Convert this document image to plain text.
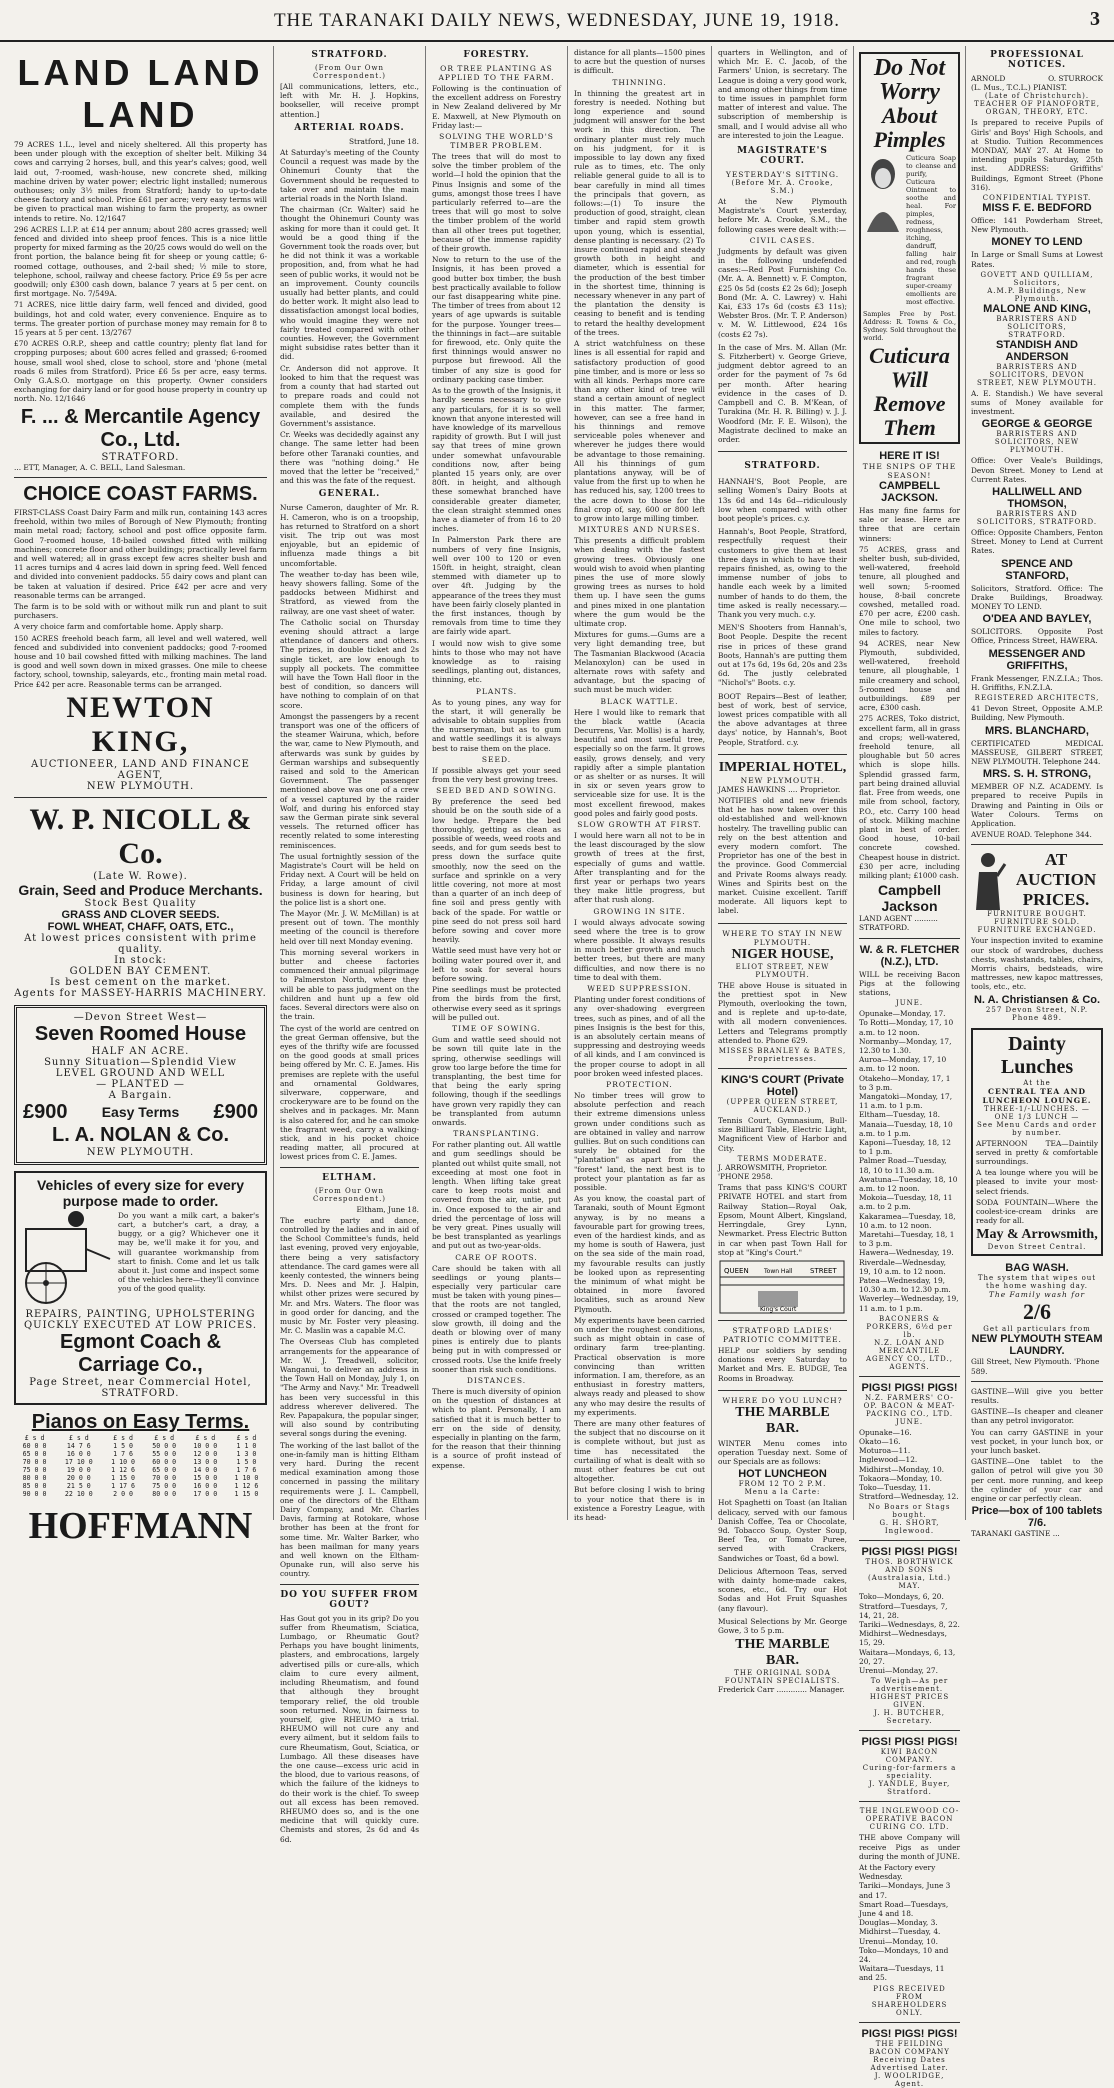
THE TARANAKI DAILY NEWS, WEDNESDAY, JUNE 19, 1918.	3
LAND LAND LAND

79 ACRES 1.L., level and nicely sheltered. All this property has been under plough with the exception of shelter belt. Milking 34 cows and carrying 2 horses, bull, and this year's calves; good, well laid out, 7-roomed, wash-house, new concrete shed, milking machine driven by water power; electric light installed; numerous outhouses; only 3½ miles from Stratford; handy to up-to-date cheese factory and school. Price £61 per acre; very easy terms will be given to practical man wishing to farm the property, as owner intends to retire. No. 12/1647

296 ACRES L.I.P. at £14 per annum; about 280 acres grassed; well fenced and divided into sheep proof fences. This is a nice little property for mixed farming as the 20/25 cows would do well on the front portion, the balance being fit for sheep or young cattle; 6-roomed cottage, outhouses, and 2-bail shed; ½ mile to store, telephone, school, railway and cheese factory. Price £9 5s per acre goodwill; only £300 cash down, balance 7 years at 5 per cent. on first mortgage. No. 7/549A.

71 ACRES, nice little dairy farm, well fenced and divided, good buildings, hot and cold water, every convenience. Enquire as to terms. The greater portion of purchase money may remain for 8 to 15 years at 5 per cent. 13/2767

£70 ACRES O.R.P., sheep and cattle country; plenty flat land for cropping purposes; about 600 acres felled and grassed; 6-roomed house, small wool shed, close to school, store and 'phone (metal roads 6 miles from Stratford). Price £6 5s per acre, easy terms. Only G.A.S.O. mortgage on this property. Owner considers exchanging for dairy land or for good house property in country up north. No. 12/1646

F. ... & Mercantile Agency Co., Ltd.
STRATFORD.
... ETT, Manager, A. C. BELL, Land Salesman.
CHOICE COAST FARMS.

FIRST-CLASS Coast Dairy Farm and milk run, containing 143 acres freehold, within two miles of Borough of New Plymouth; fronting main metal road; factory, school and post office opposite farm. Good 7-roomed house, 18-bailed cowshed fitted with milking machines; concrete floor and other buildings; practically level farm and well watered; all in grass except few acres shelter bush and 11 acres turnips and 4 acres laid down in spring feed. Well fenced and divided into convenient paddocks. 55 dairy cows and plant can be taken at valuation if desired. Price £42 per acre and very reasonable terms can be arranged.

The farm is to be sold with or without milk run and plant to suit purchasers.

A very choice farm and comfortable home. Apply sharp.

150 ACRES freehold beach farm, all level and well watered, well fenced and subdivided into convenient paddocks; good 7-roomed house and 10 bail cowshed fitted with milking machines. The land is good and well sown down in mixed grasses. One mile to cheese factory, school, township, saleyards, etc., fronting main metal road. Price £42 per acre. Reasonable terms can be arranged.

NEWTON KING,
AUCTIONEER, LAND AND FINANCE AGENT,
NEW PLYMOUTH.
W. P. NICOLL & Co.
(Late W. Rowe).
Grain, Seed and Produce Merchants.
Stock Best Quality
GRASS AND CLOVER SEEDS.
FOWL WHEAT, CHAFF, OATS, ETC.,
At lowest prices consistent with prime quality.
In stock:
GOLDEN BAY CEMENT.
Is best cement on the market.
Agents for MASSEY-HARRIS MACHINERY.
—Devon Street West—
Seven Roomed House
HALF AN ACRE.
Sunny Situation—Splendid View
LEVEL GROUND AND WELL
— PLANTED —
A Bargain.
£900 Easy Terms £900
L. A. NOLAN & Co.
NEW PLYMOUTH.
Vehicles of every size for every
purpose made to order.

Do you want a milk cart, a baker's cart, a butcher's cart, a dray, a buggy, or a gig? Whichever one it may be, we'll make it for you, and will guarantee workmanship from start to finish. Come and let us talk about it. Just come and inspect some of the vehicles here—they'll convince you of the good quality.

REPAIRS, PAINTING, UPHOLSTERING QUICKLY EXECUTED AT LOW PRICES.
Egmont Coach & Carriage Co.,
Page Street, near Commercial Hotel, STRATFORD.
Pianos on Easy Terms.
£ s d	£ s d	£ s d	£ s d	£ s d	£ s d
60 0 0	14 7 6	1 5 0	50 0 0	10 0 0	1 1 0
65 0 0	16 0 0	1 7 6	55 0 0	12 0 0	1 3 0
70 0 0	17 10 0	1 10 0	60 0 0	13 0 0	1 5 0
75 0 0	19 0 0	1 12 6	65 0 0	14 0 0	1 7 6
80 0 0	20 0 0	1 15 0	70 0 0	15 0 0	1 10 0
85 0 0	21 5 0	1 17 6	75 0 0	16 0 0	1 12 6
90 0 0	22 10 0	2 0 0	80 0 0	17 0 0	1 15 0
HOFFMANN
STRATFORD.
(From Our Own Correspondent.)

[All communications, letters, etc., left with Mr. H. J. Hopkins, bookseller, will receive prompt attention.]

ARTERIAL ROADS.

Stratford, June 18.

At Saturday's meeting of the County Council a request was made by the Ohinemuri County that the Government should be requested to take over and maintain the main arterial roads in the North Island.

The chairman (Cr. Walter) said he thought the Ohinemuri County was asking for more than it could get. It would be a good thing if the Government took the roads over, but he did not think it was a workable proposition, and, from what he had seen of public works, it would not be an improvement. County councils usually had better plants, and could do better work. It might also lead to dissatisfaction amongst local bodies, who would imagine they were not fairly treated compared with other counties. However, the Government might subsidise rates better than it did.

Cr. Anderson did not approve. It looked to him that the request was from a county that had started out to prepare roads and could not complete them with the funds available, and desired the Government's assistance.

Cr. Weeks was decidedly against any change. The same letter had been before other Taranaki counties, and there was "nothing doing." He moved that the letter be "received," and this was the fate of the request.

GENERAL.

Nurse Cameron, daughter of Mr. R. H. Cameron, who is on a troopship, has returned to Stratford on a short visit. The trip out was most enjoyable, but an epidemic of influenza made things a bit uncomfortable.

The weather to-day has been wile, heavy showers falling. Some of the paddocks between Midhirst and Stratford, as viewed from the railway, are one vast sheet of water.

The Catholic social on Thursday evening should attract a large attendance of dancers and others. The prizes, in double ticket and 2s single ticket, are low enough to supply all pockets. The committee will have the Town Hall floor in the best of condition, so dancers will have nothing to complain of on that score.

Amongst the passengers by a recent transport was one of the officers of the steamer Wairuna, which, before the war, came to New Plymouth, and afterwards was sunk by guides by German warships and subsequently raised and sold to the American Government. The passenger mentioned above was one of a crew of a vessel captured by the raider Wolf, and during his enforced stay saw the German pirate sink several vessels. The returned officer has recently related to some interesting reminiscences.

The usual fortnightly session of the Magistrate's Court will be held on Friday next. A Court will be held on Friday, a large amount of civil business is down for hearing, but the police list is a short one.

The Mayor (Mr. J. W. McMillan) is at present out of town. The monthly meeting of the council is therefore held over till next Monday evening.

This morning several workers in butter and cheese factories commenced their annual pilgrimage to Palmerston North, where they will be able to pass judgment on the children and hunt up a few old faces. Several directors were also on the train.

The cyst of the world are centred on the great German offensive, but the eyes of the thrifty wife are focussed on the good goods at small prices being offered by Mr. C. E. James. His premises are replete with the useful and ornamental Goldwares, silverware, copperware, and crockeryware are to be found on the shelves and in packages. Mr. Mann is also catered for, and he can smoke the fragrant weed, carry a walking-stick, and in his pocket choice reading matter, all procured at lowest prices from C. E. James.

ELTHAM.
(From Our Own Correspondent.)

Eltham, June 18.

The euchre party and dance, controlled by the ladies and in aid of the School Committee's funds, held last evening, proved very enjoyable, there being a very satisfactory attendance. The card games were all keenly contested, the winners being Mrs. D. Nees and Mr. J. Halpin, whilst other prizes were secured by Mr. and Mrs. Waters. The floor was in good order for dancing, and the music by Mr. Foster very pleasing. Mr. C. Maslin was a capable M.C.

The Overseas Club has completed arrangements for the appearance of Mr. W. J. Treadwell, solicitor, Wanganui, to deliver an address in the Town Hall on Monday, July 1, on "The Army and Navy." Mr. Treadwell has been very successful in this address wherever delivered. The Rev. Papapakura, the popular singer, will also sound by contributing several songs during the evening.

The working of the last ballot of the one-in-family man is hitting Eltham very hard. During the recent medical examination among those concerned in passing the military requirements were J. L. Campbell, one of the directors of the Eltham Dairy Company, and Mr. Charles Davis, farming at Rotokare, whose brother has been at the front for some time. Mr. Walter Barker, who has been mailman for many years and well known on the Eltham-Opunake run, will also serve his country.

DO YOU SUFFER FROM GOUT?

Has Gout got you in its grip? Do you suffer from Rheumatism, Sciatica, Lumbago, or Rheumatic Gout? Perhaps you have bought liniments, plasters, and embrocations, largely advertised pills or cure-alls, which claim to cure every ailment, including Rheumatism, and found that although they brought temporary relief, the old trouble soon returned. Now, in fairness to yourself, give RHEUMO a trial. RHEUMO will not cure any and every ailment, but it seldom fails to cure Rheumatism, Gout, Sciatica, or Lumbago. All these diseases have the one cause—excess uric acid in the blood, due to various reasons, of which the failure of the kidneys to do their work is the chief. To sweep out all excess has been removed. RHEUMO does so, and is the one medicine that will quickly cure. Chemists and stores, 2s 6d and 4s 6d.

FORESTRY.
OR TREE PLANTING AS APPLIED TO THE FARM.

Following is the continuation of the excellent address on Forestry in New Zealand delivered by Mr E. Maxwell, at New Plymouth on Friday last:—

SOLVING THE WORLD'S TIMBER PROBLEM.

The trees that will do most to solve the timber problem of the world—I hold the opinion that the Pinus Insignis and some of the gums, amongst those trees I have particularly referred to—are the trees that will go most to solve the timber problem of the world than all other trees put together, because of the immense rapidity of their growth.

Now to return to the use of the Insignis, it has been proved a good butter box timber, the bush best practically available to follow our fast disappearing white pine. The timber of trees from about 12 years of age upwards is suitable for the purpose. Younger trees—the thinnings in fact—are suitable for firewood, etc. Only quite the first thinnings would answer no purpose but firewood. All the timber of any size is good for ordinary packing case timber.

As to the growth of the Insignis, it hardly seems necessary to give any particulars, for it is so well known that anyone interested will have knowledge of its marvellous rapidity of growth. But I will just say that trees of mine grown under somewhat unfavourable conditions now, after being planted 15 years only, are over 80ft. in height, and although these somewhat branched have considerable greater diameter, the clean straight stemmed ones have a diameter of from 16 to 20 inches.

In Palmerston Park there are numbers of very fine Insignis, well over 100 to 120 or even 150ft. in height, straight, clean stemmed with diameter up to over 4ft. Judging by the appearance of the trees they must have been fairly closely planted in the first instances, though by removals from time to time they are fairly wide apart.

I would now wish to give some hints to those who may not have knowledge as to raising seedlings, planting out, distances, thinning, etc.

PLANTS.

As to young pines, any way for the start, it will generally be advisable to obtain supplies from the nurseryman, but as to gum and wattle seedlings it is always best to raise them on the place.

SEED.

If possible always get your seed from the very best growing trees.

SEED BED AND SOWING.

By preference the seed bed should be on the south side of a low hedge. Prepare the bed thoroughly, getting as clean as possible of weeds, weed roots and seeds, and for gum seeds best to press down the surface quite smoothly, now the seed on the surface and sprinkle on a very little covering, not more at most than a quarter of an inch deep of fine soil and press gently with back of the spade. For wattle or pine seed do not press soil hard before sowing and cover more heavily.

Wattle seed must have very hot or boiling water poured over it, and left to soak for several hours before sowing.

Pine seedlings must be protected from the birds from the first, otherwise every seed as it springs will be pulled out.

TIME OF SOWING.

Gum and wattle seed should not be sown till quite late in the spring, otherwise seedlings will grow too large before the time for transplanting, the best time for that being the early spring following, though if the seedlings have grown very rapidly they can be transplanted from autumn onwards.

TRANSPLANTING.

For rather planting out. All wattle and gum seedlings should be planted out whilst quite small, not exceeding at most one foot in length. When lifting take great care to keep roots moist and covered from the air, untie, put in. Once exposed to the air and dried the percentage of loss will be very great. Pines usually will be best transplanted as yearlings and put out as two-year-olds.

CARE OF ROOTS.

Care should be taken with all seedlings or young plants—especially very particular care must be taken with young pines—that the roots are not tangled, crossed or cramped together. The slow growth, ill doing and the death or blowing over of many pines is entirely due to plants being put in with compressed or crossed roots. Use the knife freely sooner than risk such conditions.

DISTANCES.

There is much diversity of opinion on the question of distances at which to plant. Personally, I am satisfied that it is much better to err on the side of density, especially in planting on the farm, for the reason that their thinning is a source of profit instead of expense.

distance for all plants—1500 pines to acre but the question of nurses is difficult.

THINNING.

In thinning the greatest art in forestry is needed. Nothing but long experience and sound judgment will answer for the best work in this direction. The ordinary planter must rely much on his judgment, for it is impossible to lay down any fixed rule as to times, etc. The only reliable general guide to all is to bear carefully in mind all times the principals that govern, as follows:—(1) To insure the production of good, straight, clean timber and rapid stem growth upon young, which is essential, dense planting is necessary. (2) To insure continued rapid and steady growth both in height and diameter, which is essential for the production of the best timber in the shortest time, thinning is necessary whenever in any part of the plantation the density is ceasing to benefit and is tending to retard the healthy development of the trees.

A strict watchfulness on these lines is all essential for rapid and satisfactory production of good pine timber, and is more or less so with all kinds. Perhaps more care than any other kind of tree will stand a certain amount of neglect in this matter. The farmer, however, can see a free hand in his thinnings and remove serviceable poles whenever and wherever he judges there would be advantage to those remaining. All his thinnings of gum plantations anyway, will be of value from the first up to when he has reduced his, say, 1200 trees to the acre down to those for the final crop of, say, 600 or 800 left to grow into large milling timber.

MIXTURES AND NURSES.

This presents a difficult problem when dealing with the fastest growing trees. Obviously one would wish to avoid when planting pines the use of more slowly growing trees as nurses to hold them up. I have seen the gums and pines mixed in one plantation where the gum would be the ultimate crop.

Mixtures for gums.—Gums are a very light demanding tree, but The Tasmanian Blackwood (Acacia Melanoxylon) can be used in alternate rows with safety and advantage, but the spacing of such must be much wider.

BLACK WATTLE.

Here I would like to remark that the black wattle (Acacia Decurrens, Var. Mollis) is a hardy, beautiful and most useful tree, especially so on the farm. It grows easily, grows densely, and very rapidly after a simple plantation or as shelter or as nurses. It will in six or seven years grow to serviceable size for use. It is the most excellent firewood, makes good poles and fairly good posts.

SLOW GROWTH AT FIRST.

I would here warn all not to be in the least discouraged by the slow growth of trees at the first, especially of gums and wattle. After transplanting and for the first year or perhaps two years they make little progress, but after that rush along.

GROWING IN SITE.

I would always advocate sowing seed where the tree is to grow where possible. It always results in much better growth and much better trees, but there are many difficulties, and now there is no time to deal with them.

WEED SUPPRESSION.

Planting under forest conditions of any over-shadowing evergreen trees, such as pines, and of all the pines Insignis is the best for this, is an absolutely certain means of suppressing and destroying weeds of all kinds, and I am convinced is the proper course to adopt in all poor broken weed infested places.

PROTECTION.

No timber trees will grow to absolute perfection and reach their extreme dimensions unless grown under conditions such as are obtained in valley and narrow gullies. But on such conditions can surely be obtained for the "plantation" as apart from the "forest" land, the next best is to protect your plantation as far as possible.

As you know, the coastal part of Taranaki, south of Mount Egmont anyway, is by no means a favourable part for growing trees, even of the hardiest kinds, and as my home is south of Hawera, just on the sea side of the main road, my favourable results can justly be looked upon as representing the minimum of what might be obtained in more favored localities, such as around New Plymouth.

My experiments have been carried on under the roughest conditions, such as might obtain in case of ordinary farm tree-planting. Practical observation is more convincing than written information. I am, therefore, as an enthusiast in forestry matters, always ready and pleased to show any who may desire the results of my experiments.

There are many other features of the subject that no discourse on it is complete without, but just as time has necessitated the curtailing of what is dealt with so must other features be cut out altogether.

But before closing I wish to bring to your notice that there is in existence a Forestry League, with its head-

quarters in Wellington, and of which Mr. E. C. Jacob, of the Farmers' Union, is secretary. The League is doing a very good work, and among other things from time to time issues in pamphlet form matter of interest and value. The subscription of membership is small, and I would advise all who are interested to join the League.

MAGISTRATE'S COURT.
YESTERDAY'S SITTING.
(Before Mr. A. Crooke, S.M.)

At the New Plymouth Magistrate's Court yesterday, before Mr. A. Crooke, S.M., the following cases were dealt with:—

CIVIL CASES.

Judgments by default was given in the following undefended cases:—Red Post Furnishing Co. (Mr. A. A. Bennett) v. F. Compton, £25 0s 5d (costs £2 2s 6d); Joseph Bond (Mr. A. C. Lawrey) v. Hahi Kai, £33 17s 6d (costs £3 11s); Webster Bros. (Mr. T. P. Anderson) v. M. W. Littlewood, £24 16s (costs £2 7s).

In the case of Mrs. M. Allan (Mr. S. Fitzherbert) v. George Grieve, judgment debtor agreed to an order for the payment of 7s 6d per month. After hearing evidence in the cases of D. Campbell and C. B. M'Kean, of Turakina (Mr. H. R. Billing) v. J. J. Woodford (Mr. F. E. Wilson), the Magistrate declined to make an order.

STRATFORD.

HANNAH'S, Boot People, are selling Women's Dairy Boots at 13s 6d and 14s 6d—ridiculously low when compared with other boot people's prices. c.y.

Hannah's, Boot People, Stratford, respectfully request their customers to give them at least three days in which to have their repairs finished, as, owing to the immense number of jobs to handle each week by a limited number of hands to do them, the time asked is really necessary.—Thank you very much. c.y.

MEN'S Shooters from Hannah's, Boot People. Despite the recent rise in prices of these grand Boots, Hannah's are putting them out at 17s 6d, 19s 6d, 20s and 23s 6d. The justly celebrated "Nichol's" Boots. c.y.

BOOT Repairs—Best of leather, best of work, best of service, lowest prices compatible with all the above advantages at three days' notice, by Hannah's, Boot People, Stratford. c.y.

IMPERIAL HOTEL,
NEW PLYMOUTH.
JAMES HAWKINS .... Proprietor.

NOTIFIES old and new friends that he has now taken over this old-established and well-known hostelry. The travelling public can rely on the best attention and every modern comfort. The Proprietor has one of the best in the province. Good Commercial and Private Rooms always ready. Wines and Spirits best on the market. Cuisine excellent. Tariff moderate. All liquors kept to label.

WHERE TO STAY IN NEW PLYMOUTH.
NIGER HOUSE,
ELIOT STREET, NEW PLYMOUTH.

THE above House is situated in the prettiest spot in New Plymouth, overlooking the town, and is replete and up-to-date, with all modern conveniences. Letters and Telegrams promptly attended to. Phone 629.

MISSES BRANLEY & BATES, Proprietresses.
KING'S COURT (Private Hotel)
(UPPER QUEEN STREET, AUCKLAND.)

Tennis Court, Gymnasium, Bull-size Billiard Table, Electric Light, Magnificent View of Harbor and City.

TERMS MODERATE.
J. ARROWSMITH, Proprietor. 'PHONE 2958.

Trams that pass KING'S COURT PRIVATE HOTEL and start from Railway Station—Royal Oak, Epsom, Mount Albert, Kingsland, Herringdale, Grey Lynn, Newmarket. Press Electric Button in car when past Town Hall for stop at "King's Court."

QUEEN	Town Hall	STREET
King's Court
STRATFORD LADIES' PATRIOTIC COMMITTEE.

HELP our soldiers by sending donations every Saturday to Market and Mrs. E. BUDGE, Tea Rooms in Broadway.

WHERE DO YOU LUNCH?
THE MARBLE BAR.

WINTER Menu comes into operation Tuesday next. Some of our Specials are as follows:

HOT LUNCHEON
FROM 12 TO 2 P.M.
Menu a la Carte:

Hot Spaghetti on Toast (an Italian delicacy, served with our famous Danish Coffee, Tea or Chocolate, 9d. Tobacco Soup, Oyster Soup, Beef Tea, or Tomato Puree, served with Crackers, Sandwiches or Toast, 6d a bowl.

Delicious Afternoon Teas, served with dainty home-made cakes, scones, etc., 6d. Try our Hot Sodas and Hot Fruit Squashes (any flavour).

Musical Selections by Mr. George Gowe, 3 to 5 p.m.

THE MARBLE BAR.
THE ORIGINAL SODA FOUNTAIN SPECIALISTS.
Frederick Carr ............. Manager.
Do Not Worry
About Pimples

Cuticura Soap to cleanse and purify, Cuticura Ointment to soothe and heal. For pimples, redness, roughness, itching, dandruff, falling hair and red, rough hands these fragrant super-creamy emollients are most effective.

Samples Free by Post. Address: R. Towns & Co., Sydney. Sold throughout the world.

Cuticura Will
Remove Them
HERE IT IS!
THE SNIPS OF THE SEASON!
CAMPBELL JACKSON.

Has many fine farms for sale or lease. Here are three that are certain winners:

75 ACRES, grass and shelter bush, sub-divided, well-watered, freehold tenure, all ploughed and well sown; 5-roomed house, 8-bail concrete cowshed, metalled road. £70 per acre, £200 cash. One mile to school, two miles to factory.

94 ACRES, near New Plymouth, subdivided, well-watered, freehold tenure, all ploughable, 1 mile creamery and school, 5-roomed house and outbuildings. £89 per acre, £300 cash.

275 ACRES, Toko district, excellent farm, all in grass and crops; well-watered, freehold tenure, all ploughable but 50 acres which is slope hills. Splendid grassed farm, part being drained alluvial flat. Free from weeds, one mile from school, factory, P.O., etc. Carry 100 head of stock. Milking machine plant in best of order. Good house, 10-bail concrete cowshed. Cheapest house in district. £30 per acre, including milking plant; £1000 cash.

Campbell Jackson
LAND AGENT .......... STRATFORD.
W. & R. FLETCHER (N.Z.), LTD.

WILL be receiving Bacon Pigs at the following stations,

JUNE.

Opunake—Monday, 17.
To Rotti—Monday, 17, 10 a.m. to 12 noon.
Normanby—Monday, 17, 12.30 to 1.30.
Auroa—Monday, 17, 10 a.m. to 12 noon.
Otakeho—Monday, 17, 1 to 3 p.m.
Mangatoki—Monday, 17, 11 a.m. to 1 p.m.
Eltham—Tuesday, 18.
Manaia—Tuesday, 18, 10 a.m. to 1 p.m.
Kaponi—Tuesday, 18, 12 to 1 p.m.
Palmer Road—Tuesday, 18, 10 to 11.30 a.m.
Awatuna—Tuesday, 18, 10 a.m. to 12 noon.
Mokoia—Tuesday, 18, 11 a.m. to 2 p.m.
Kakaramea—Tuesday, 18, 10 a.m. to 12 noon.
Maretahi—Tuesday, 18, 1 to 3 p.m.
Hawera—Wednesday, 19.
Riverdale—Wednesday, 19, 10 a.m. to 12 noon.
Patea—Wednesday, 19, 10.30 a.m. to 12.30 p.m.
Waverley—Wednesday, 19, 11 a.m. to 1 p.m.

BACONERS & PORKERS, 6½d per lb.
N.Z. LOAN AND MERCANTILE AGENCY CO., LTD.,
AGENTS.
PIGS! PIGS! PIGS!
N.Z. FARMERS' CO-OP. BACON & MEAT-PACKING CO., LTD.
JUNE.

Opunake—16.
Okato—16.
Moturoa—11.
Inglewood—12.
Midhirst—Monday, 10.
Tokaora—Monday, 10.
Toko—Tuesday, 11.
Stratford—Wednesday, 12.

No Boars or Stags bought.
G. H. SHORT, Inglewood.
PIGS! PIGS! PIGS!
THOS. BORTHWICK AND SONS (Australasia, Ltd.)
MAY.

Toko—Mondays, 6, 20.
Stratford—Tuesdays, 7, 14, 21, 28.
Tariki—Wednesdays, 8, 22.
Midhirst—Wednesdays, 15, 29.
Waitara—Mondays, 6, 13, 20, 27.
Urenui—Monday, 27.

To Weigh—As per advertisement.
HIGHEST PRICES GIVEN.
J. H. BUTCHER, Secretary.
PIGS! PIGS! PIGS!
KIWI BACON COMPANY.
Curing-for-farmers a speciality.
J. YANDLE, Buyer, Stratford.
THE INGLEWOOD CO-OPERATIVE BACON CURING CO. LTD.

THE above Company will receive Pigs as under during the month of JUNE.

At the Factory every Wednesday.
Tariki—Mondays, June 3 and 17.
Smart Road—Tuesdays, June 4 and 18.
Douglas—Monday, 3.
Midhirst—Tuesday, 4.
Urenui—Monday, 10.
Toko—Mondays, 10 and 24.
Waitara—Tuesdays, 11 and 25.

PIGS RECEIVED FROM SHAREHOLDERS ONLY.
PIGS! PIGS! PIGS!
THE FEILDING BACON COMPANY
Receiving Dates Advertised Later.
J. WOOLRIDGE, Agent.
PROFESSIONAL NOTICES.
ARNOLD	O. STURROCK
(L. Mus., T.C.L.) PIANIST.
(Late of Christchurch).
TEACHER OF PIANOFORTE, ORGAN, THEORY, ETC.

Is prepared to receive Pupils of Girls' and Boys' High Schools, and at Studio. Tuition Recommences MONDAY, MAY 27. At Home to intending pupils Saturday, 25th inst. ADDRESS: Griffiths' Buildings, Egmont Street (Phone 316).

CONFIDENTIAL TYPIST.
MISS F. E. BEDFORD

Office: 141 Powderham Street, New Plymouth.

MONEY TO LEND

In Large or Small Sums at Lowest Rates.

GOVETT AND QUILLIAM, Solicitors,
A.M.P. Buildings, New Plymouth.
MALONE AND KING,
BARRISTERS AND SOLICITORS,
STRATFORD.
STANDISH AND ANDERSON
BARRISTERS AND SOLICITORS, DEVON STREET, NEW PLYMOUTH.

A. E. Standish.) We have several sums of Money available for investment.

GEORGE & GEORGE
BARRISTERS AND SOLICITORS, NEW PLYMOUTH.

Office: Over Veale's Buildings, Devon Street. Money to Lend at Current Rates.

HALLIWELL AND THOMSON,
BARRISTERS AND SOLICITORS, STRATFORD.

Office: Opposite Chambers, Fenton Street. Money to Lend at Current Rates.

SPENCE AND STANFORD,

Solicitors, Stratford. Office: The Drake Buildings, Broadway. MONEY TO LEND.

O'DEA AND BAYLEY,

SOLICITORS. Opposite Post Office, Princess Street, HAWERA.

MESSENGER AND GRIFFITHS,

Frank Messenger, F.N.Z.I.A.; Thos. H. Griffiths, F.N.Z.I.A.

REGISTERED ARCHITECTS,

41 Devon Street, Opposite A.M.P. Building, New Plymouth.

MRS. BLANCHARD,

CERTIFICATED MEDICAL MASSEUSE, GILBERT STREET, NEW PLYMOUTH. Telephone 244.

MRS. S. H. STRONG,

MEMBER OF N.Z. ACADEMY. Is prepared to receive Pupils in Drawing and Painting in Oils or Water Colours. Terms on Application.

AVENUE ROAD. Telephone 344.
AT AUCTION
PRICES.
FURNITURE BOUGHT.
FURNITURE SOLD.
FURNITURE EXCHANGED.

Your inspection invited to examine our stock of wardrobes, duchess chests, washstands, tables, chairs, Morris chairs, bedsteads, wire mattresses, new kapoc mattresses, tools, etc., etc.

N. A. Christiansen & Co.
257 Devon Street, N.P. Phone 489.
Dainty
Lunches
At the
CENTRAL TEA AND LUNCHEON LOUNGE.
THREE-1/-LUNCHES. — ONE 1/3 LUNCH —
See Menu Cards and order by number.

AFTERNOON TEA—Daintily served in pretty & comfortable surroundings.

A tea lounge where you will be pleased to invite your most-select friends.

SODA FOUNTAIN—Where the coolest-ice-cream drinks are ready for all.

May & Arrowsmith,
Devon Street Central.
BAG WASH.
The system that wipes out the home washing day.
The Family wash for
2/6
Get all particulars from
NEW PLYMOUTH STEAM LAUNDRY.
Gill Street, New Plymouth. 'Phone 589.

GASTINE—Will give you better results.

GASTINE—Is cheaper and cleaner than any petrol invigorator.

You can carry GASTINE in your vest pocket, in your lunch box, or your lunch basket.

GASTINE—One tablet to the gallon of petrol will give you 30 per cent. more running, and keep the cylinder of your car and engine or car perfectly clean.

Price—box of 100 tablets 7/6.
TARANAKI GASTINE ...
